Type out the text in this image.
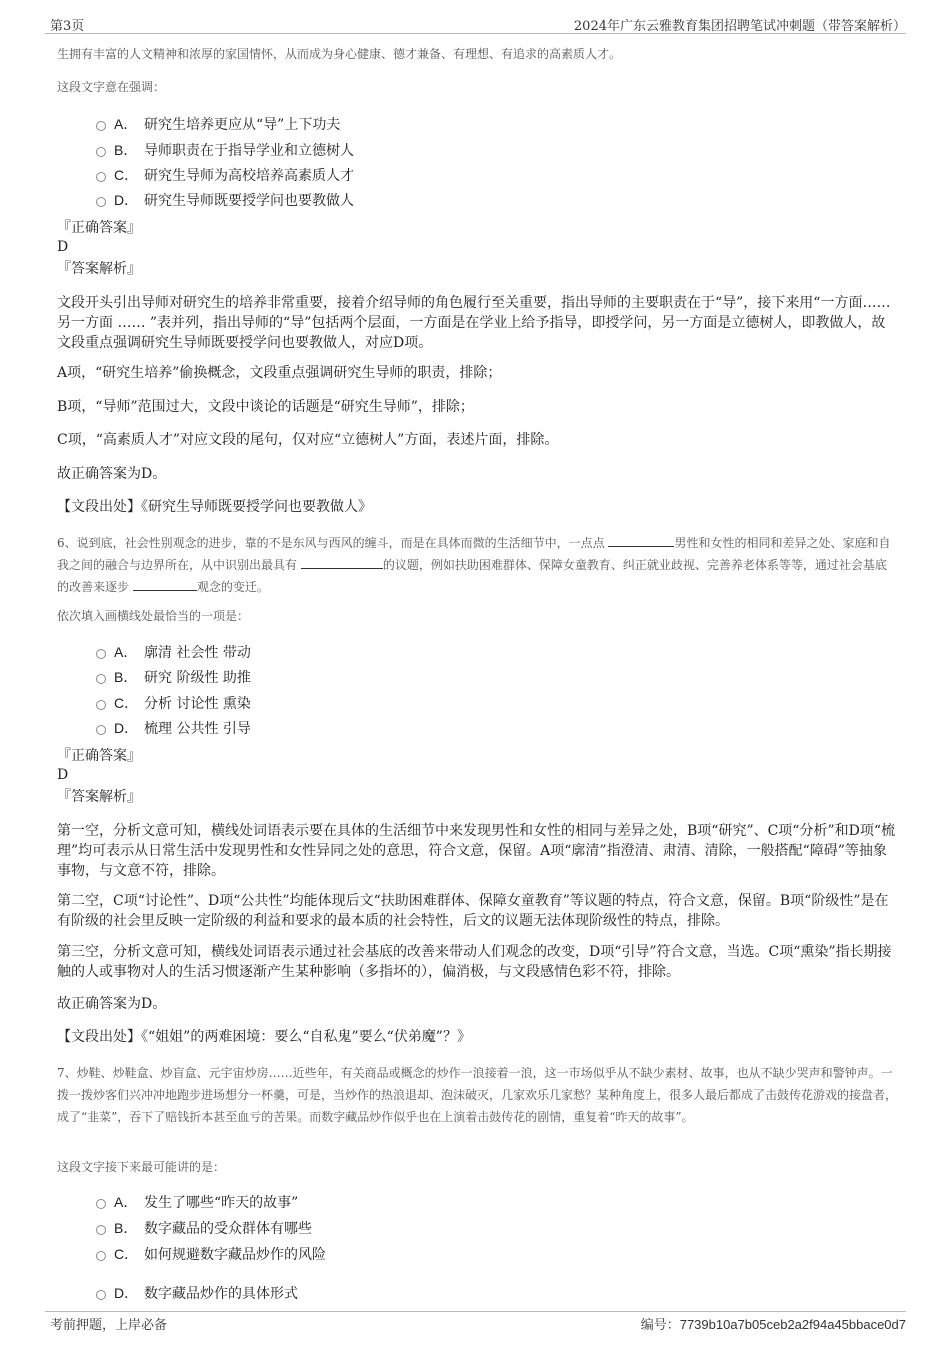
第3页	2024年广东云雅教育集团招聘笔试冲刺题（带答案解析）

生拥有丰富的人文精神和浓厚的家国情怀，从而成为身心健康、德才兼备、有理想、有追求的高素质人才。

这段文字意在强调：

A． 研究生培养更应从“导”上下功夫
B． 导师职责在于指导学业和立德树人
C． 研究生导师为高校培养高素质人才
D． 研究生导师既要授学问也要教做人
『正确答案』
D
『答案解析』

文段开头引出导师对研究生的培养非常重要，接着介绍导师的角色履行至关重要，指出导师的主要职责在于“导”，接下来用“一方面……另一方面 …… ”表并列，指出导师的“导”包括两个层面，一方面是在学业上给予指导，即授学问，另一方面是立德树人，即教做人，故文段重点强调研究生导师既要授学问也要教做人，对应D项。

A项，“研究生培养”偷换概念，文段重点强调研究生导师的职责，排除；

B项，“导师”范围过大，文段中谈论的话题是“研究生导师”，排除；

C项，“高素质人才”对应文段的尾句，仅对应“立德树人”方面，表述片面，排除。

故正确答案为D。

【文段出处】《研究生导师既要授学问也要教做人》

6、说到底，社会性别观念的进步，靠的不是东风与西风的缠斗，而是在具体而微的生活细节中，一点点	男性和女性的相同和差异之处、家庭和自我之间的融合与边界所在，从中识别出最具有	的议题，例如扶助困难群体、保障女童教育、纠正就业歧视、完善养老体系等等，通过社会基底的改善来逐步	观念的变迁。

依次填入画横线处最恰当的一项是：

A． 廓清 社会性 带动
B． 研究 阶级性 助推
C． 分析 讨论性 熏染
D． 梳理 公共性 引导
『正确答案』
D
『答案解析』

第一空，分析文意可知，横线处词语表示要在具体的生活细节中来发现男性和女性的相同与差异之处，B项“研究”、C项“分析”和D项“梳理”均可表示从日常生活中发现男性和女性异同之处的意思，符合文意，保留。A项“廓清”指澄清、肃清、清除，一般搭配“障碍”等抽象事物，与文意不符，排除。

第二空，C项“讨论性”、D项“公共性”均能体现后文“扶助困难群体、保障女童教育”等议题的特点，符合文意，保留。B项“阶级性”是在有阶级的社会里反映一定阶级的利益和要求的最本质的社会特性，后文的议题无法体现阶级性的特点，排除。

第三空，分析文意可知，横线处词语表示通过社会基底的改善来带动人们观念的改变，D项“引导”符合文意，当选。C项“熏染”指长期接触的人或事物对人的生活习惯逐渐产生某种影响（多指坏的），偏消极，与文段感情色彩不符，排除。

故正确答案为D。

【文段出处】《“姐姐”的两难困境：要么“自私鬼”要么“伏弟魔”？》

7、炒鞋、炒鞋盒、炒盲盒、元宇宙炒房……近些年，有关商品或概念的炒作一浪接着一浪，这一市场似乎从不缺少素材、故事，也从不缺少哭声和警钟声。一拨一拨炒客们兴冲冲地跑步进场想分一杯羹，可是，当炒作的热浪退却、泡沫破灭，几家欢乐几家愁？某种角度上，很多人最后都成了击鼓传花游戏的接盘者，成了“韭菜”，吞下了赔钱折本甚至血亏的苦果。而数字藏品炒作似乎也在上演着击鼓传花的剧情，重复着“昨天的故事”。

这段文字接下来最可能讲的是：

A． 发生了哪些“昨天的故事”
B． 数字藏品的受众群体有哪些
C． 如何规避数字藏品炒作的风险
D． 数字藏品炒作的具体形式
考前押题，上岸必备	编号：7739b10a7b05ceb2a2f94a45bbace0d7
